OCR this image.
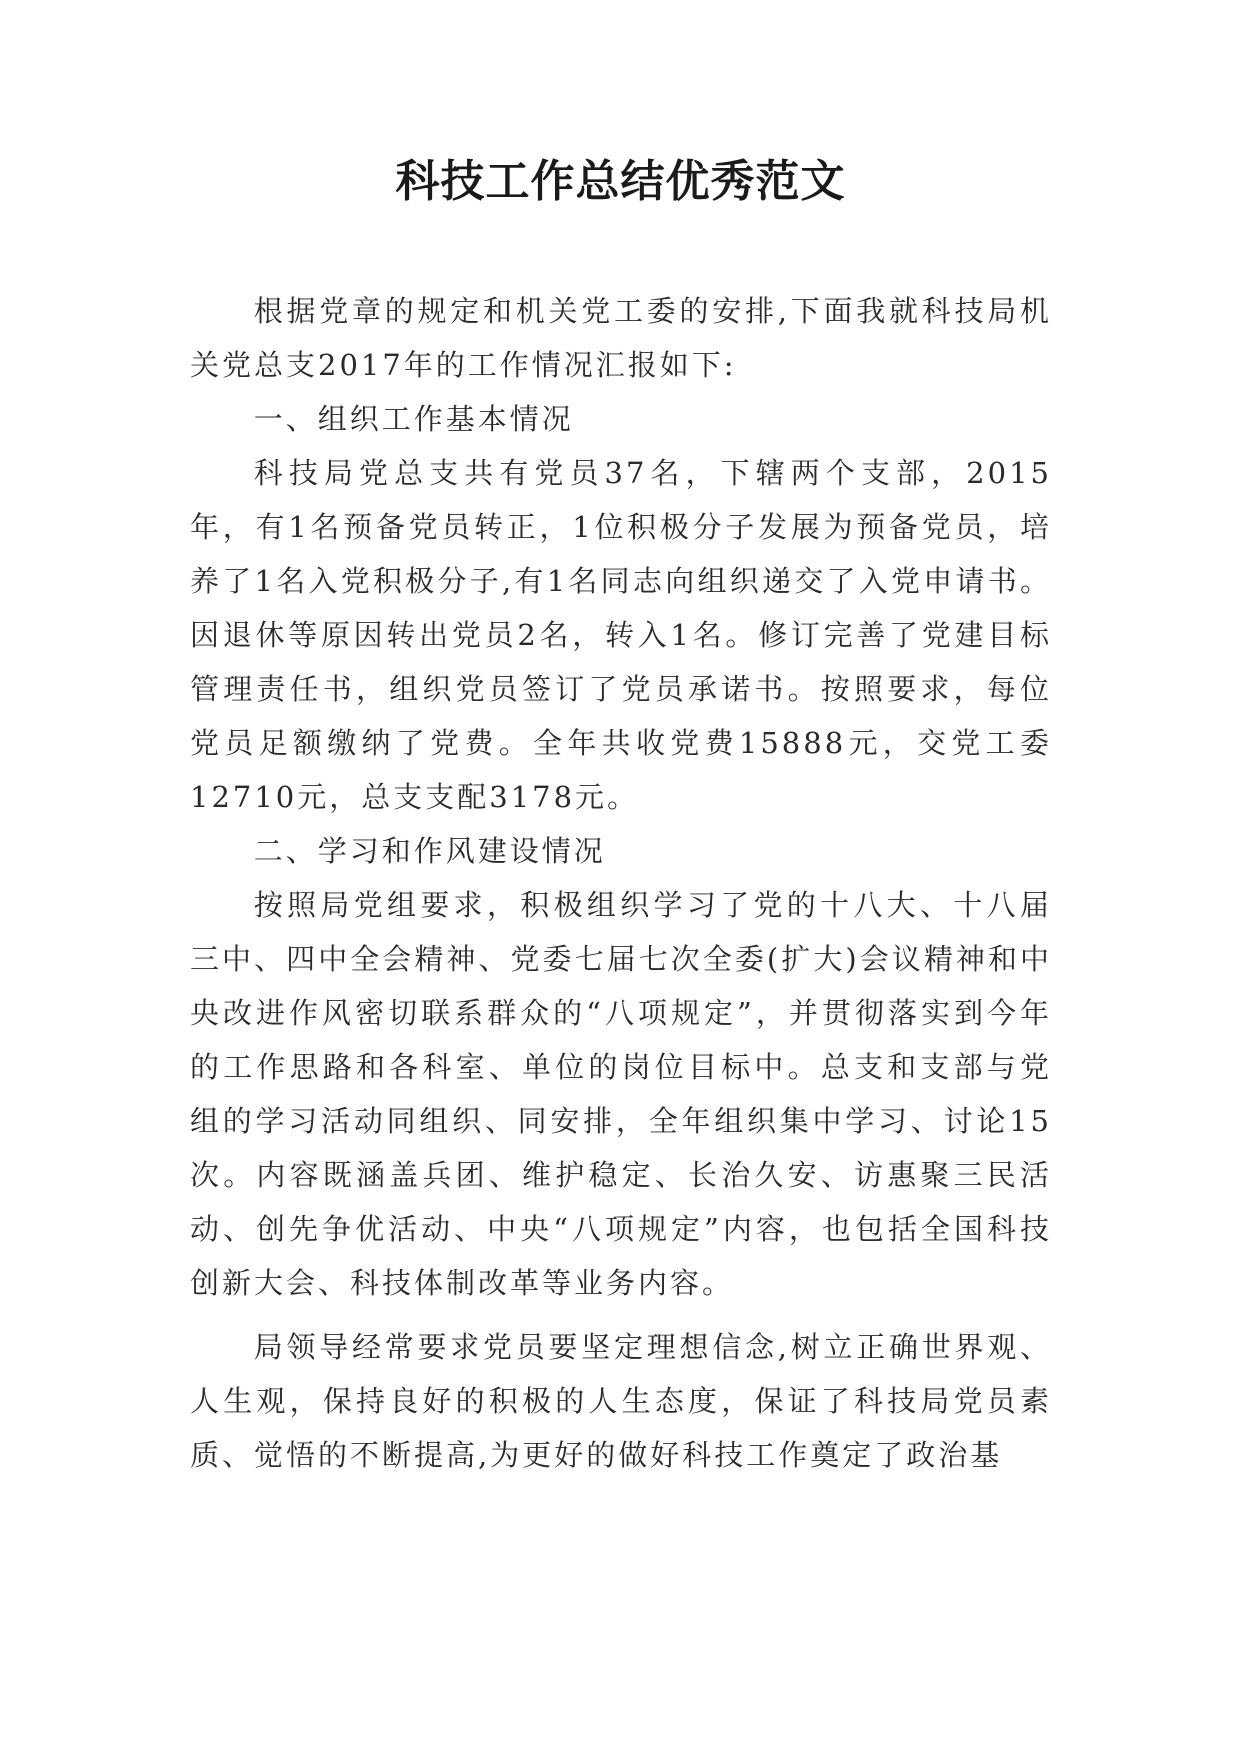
科技工作总结优秀范文

根据党章的规定和机关党工委的安排,下面我就科技局机关党总支2017年的工作情况汇报如下:

一、组织工作基本情况

科技局党总支共有党员37名，下辖两个支部，2015年，有1名预备党员转正，1位积极分子发展为预备党员，培养了1名入党积极分子,有1名同志向组织递交了入党申请书。因退休等原因转出党员2名，转入1名。修订完善了党建目标管理责任书，组织党员签订了党员承诺书。按照要求，每位党员足额缴纳了党费。全年共收党费15888元，交党工委12710元，总支支配3178元。

二、学习和作风建设情况

按照局党组要求，积极组织学习了党的十八大、十八届三中、四中全会精神、党委七届七次全委(扩大)会议精神和中央改进作风密切联系群众的“八项规定”，并贯彻落实到今年的工作思路和各科室、单位的岗位目标中。总支和支部与党组的学习活动同组织、同安排，全年组织集中学习、讨论15次。内容既涵盖兵团、维护稳定、长治久安、访惠聚三民活动、创先争优活动、中央“八项规定”内容，也包括全国科技创新大会、科技体制改革等业务内容。

局领导经常要求党员要坚定理想信念,树立正确世界观、人生观，保持良好的积极的人生态度，保证了科技局党员素质、觉悟的不断提高,为更好的做好科技工作奠定了政治基
